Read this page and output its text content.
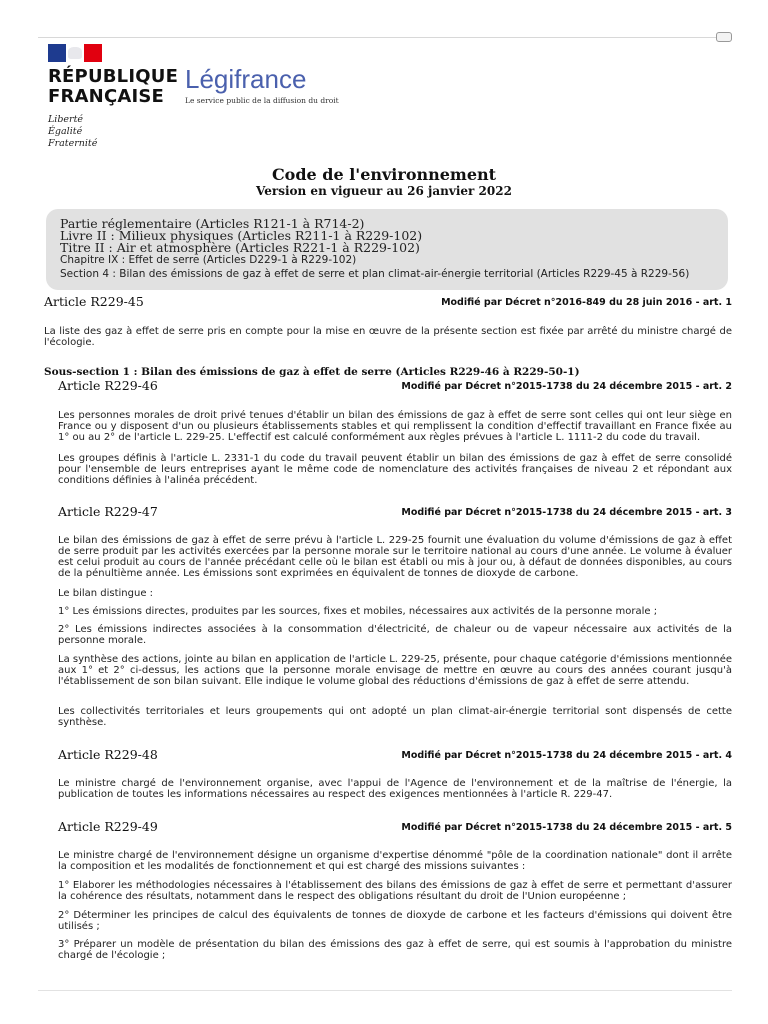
RÉPUBLIQUE
FRANÇAISE
Liberté
Égalité
Fraternité
Légifrance
Le service public de la diffusion du droit
Code de l'environnement
Version en vigueur au 26 janvier 2022
Partie réglementaire (Articles R121-1 à R714-2)
Livre II : Milieux physiques (Articles R211-1 à R229-102)
Titre II : Air et atmosphère (Articles R221-1 à R229-102)
Chapitre IX : Effet de serre (Articles D229-1 à R229-102)
Section 4 : Bilan des émissions de gaz à effet de serre et plan climat-air-énergie territorial (Articles R229-45 à R229-56)
Article R229-45	Modifié par Décret n°2016-849 du 28 juin 2016 - art. 1
La liste des gaz à effet de serre pris en compte pour la mise en œuvre de la présente section est fixée par arrêté du ministre chargé de l'écologie.
Sous-section 1 : Bilan des émissions de gaz à effet de serre (Articles R229-46 à R229-50-1)
Article R229-46	Modifié par Décret n°2015-1738 du 24 décembre 2015 - art. 2
Les personnes morales de droit privé tenues d'établir un bilan des émissions de gaz à effet de serre sont celles qui ont leur siège en France ou y disposent d'un ou plusieurs établissements stables et qui remplissent la condition d'effectif travaillant en France fixée au 1° ou au 2° de l'article L. 229-25. L'effectif est calculé conformément aux règles prévues à l'article L. 1111-2 du code du travail.
Les groupes définis à l'article L. 2331-1 du code du travail peuvent établir un bilan des émissions de gaz à effet de serre consolidé pour l'ensemble de leurs entreprises ayant le même code de nomenclature des activités françaises de niveau 2 et répondant aux conditions définies à l'alinéa précédent.
Article R229-47	Modifié par Décret n°2015-1738 du 24 décembre 2015 - art. 3
Le bilan des émissions de gaz à effet de serre prévu à l'article L. 229-25 fournit une évaluation du volume d'émissions de gaz à effet de serre produit par les activités exercées par la personne morale sur le territoire national au cours d'une année. Le volume à évaluer est celui produit au cours de l'année précédant celle où le bilan est établi ou mis à jour ou, à défaut de données disponibles, au cours de la pénultième année. Les émissions sont exprimées en équivalent de tonnes de dioxyde de carbone.
Le bilan distingue :
1° Les émissions directes, produites par les sources, fixes et mobiles, nécessaires aux activités de la personne morale ;
2° Les émissions indirectes associées à la consommation d'électricité, de chaleur ou de vapeur nécessaire aux activités de la personne morale.
La synthèse des actions, jointe au bilan en application de l'article L. 229-25, présente, pour chaque catégorie d'émissions mentionnée aux 1° et 2° ci-dessus, les actions que la personne morale envisage de mettre en œuvre au cours des années courant jusqu'à l'établissement de son bilan suivant. Elle indique le volume global des réductions d'émissions de gaz à effet de serre attendu.
Les collectivités territoriales et leurs groupements qui ont adopté un plan climat-air-énergie territorial sont dispensés de cette synthèse.
Article R229-48	Modifié par Décret n°2015-1738 du 24 décembre 2015 - art. 4
Le ministre chargé de l'environnement organise, avec l'appui de l'Agence de l'environnement et de la maîtrise de l'énergie, la publication de toutes les informations nécessaires au respect des exigences mentionnées à l'article R. 229-47.
Article R229-49	Modifié par Décret n°2015-1738 du 24 décembre 2015 - art. 5
Le ministre chargé de l'environnement désigne un organisme d'expertise dénommé "pôle de la coordination nationale" dont il arrête la composition et les modalités de fonctionnement et qui est chargé des missions suivantes :
1° Elaborer les méthodologies nécessaires à l'établissement des bilans des émissions de gaz à effet de serre et permettant d'assurer la cohérence des résultats, notamment dans le respect des obligations résultant du droit de l'Union européenne ;
2° Déterminer les principes de calcul des équivalents de tonnes de dioxyde de carbone et les facteurs d'émissions qui doivent être utilisés ;
3° Préparer un modèle de présentation du bilan des émissions des gaz à effet de serre, qui est soumis à l'approbation du ministre chargé de l'écologie ;
